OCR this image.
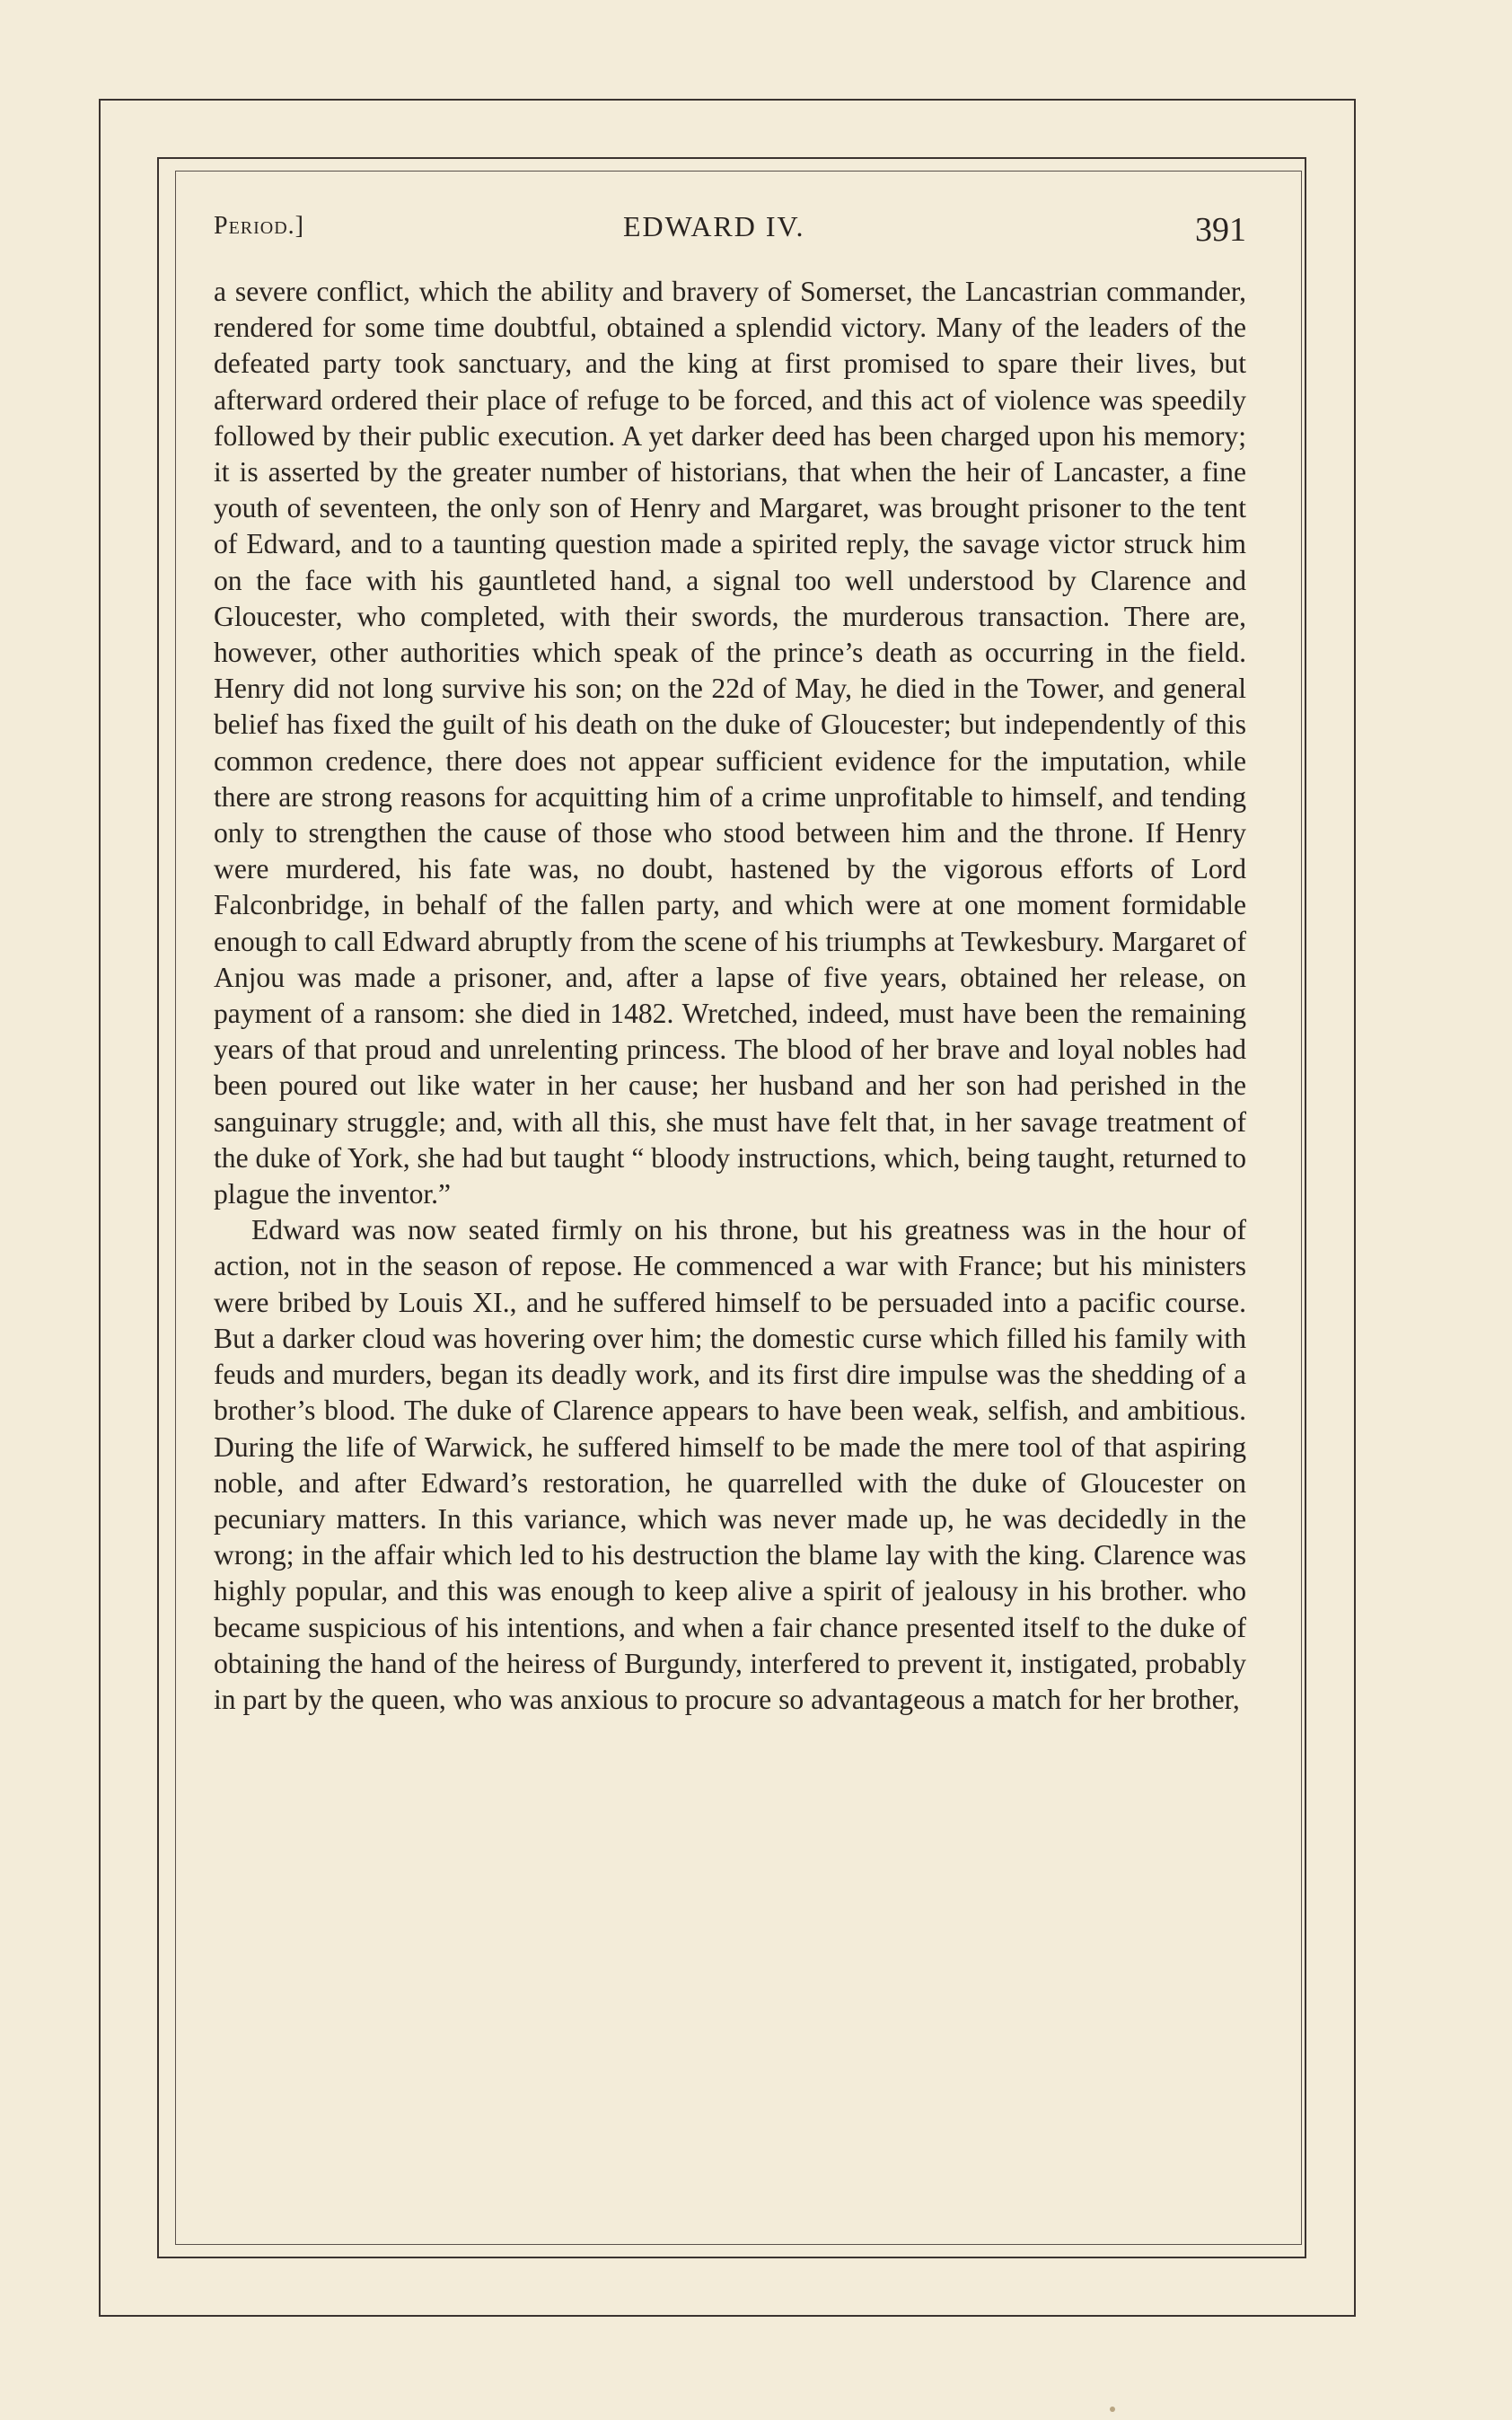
Period.]	EDWARD IV.	391

a severe conflict, which the ability and bravery of Somerset, the Lancastrian commander, rendered for some time doubtful, obtained a splendid victory. Many of the leaders of the defeated party took sanctuary, and the king at first promised to spare their lives, but afterward ordered their place of refuge to be forced, and this act of violence was speedily followed by their public execution. A yet darker deed has been charged upon his memory; it is asserted by the greater number of historians, that when the heir of Lancaster, a fine youth of seventeen, the only son of Henry and Margaret, was brought prisoner to the tent of Edward, and to a taunting question made a spirited reply, the savage victor struck him on the face with his gauntleted hand, a signal too well understood by Clarence and Gloucester, who completed, with their swords, the murderous transaction. There are, however, other authorities which speak of the prince’s death as occurring in the field. Henry did not long survive his son; on the 22d of May, he died in the Tower, and general belief has fixed the guilt of his death on the duke of Gloucester; but independently of this common credence, there does not appear sufficient evidence for the imputation, while there are strong reasons for acquitting him of a crime unprofitable to himself, and tending only to strengthen the cause of those who stood between him and the throne. If Henry were murdered, his fate was, no doubt, hastened by the vigorous efforts of Lord Falconbridge, in behalf of the fallen party, and which were at one moment formidable enough to call Edward abruptly from the scene of his triumphs at Tewkesbury. Margaret of Anjou was made a prisoner, and, after a lapse of five years, obtained her release, on payment of a ransom: she died in 1482. Wretched, indeed, must have been the remaining years of that proud and unrelenting princess. The blood of her brave and loyal nobles had been poured out like water in her cause; her husband and her son had perished in the sanguinary struggle; and, with all this, she must have felt that, in her savage treatment of the duke of York, she had but taught “ bloody instructions, which, being taught, returned to plague the inventor.”

Edward was now seated firmly on his throne, but his greatness was in the hour of action, not in the season of repose. He commenced a war with France; but his ministers were bribed by Louis XI., and he suffered himself to be persuaded into a pacific course. But a darker cloud was hovering over him; the domestic curse which filled his family with feuds and murders, began its deadly work, and its first dire impulse was the shedding of a brother’s blood. The duke of Clarence appears to have been weak, selfish, and ambitious. During the life of Warwick, he suffered himself to be made the mere tool of that aspiring noble, and after Edward’s restoration, he quarrelled with the duke of Gloucester on pecuniary matters. In this variance, which was never made up, he was decidedly in the wrong; in the affair which led to his destruction the blame lay with the king. Clarence was highly popular, and this was enough to keep alive a spirit of jealousy in his brother. who became suspicious of his intentions, and when a fair chance presented itself to the duke of obtaining the hand of the heiress of Burgundy, interfered to prevent it, instigated, probably in part by the queen, who was anxious to procure so advantageous a match for her brother,
